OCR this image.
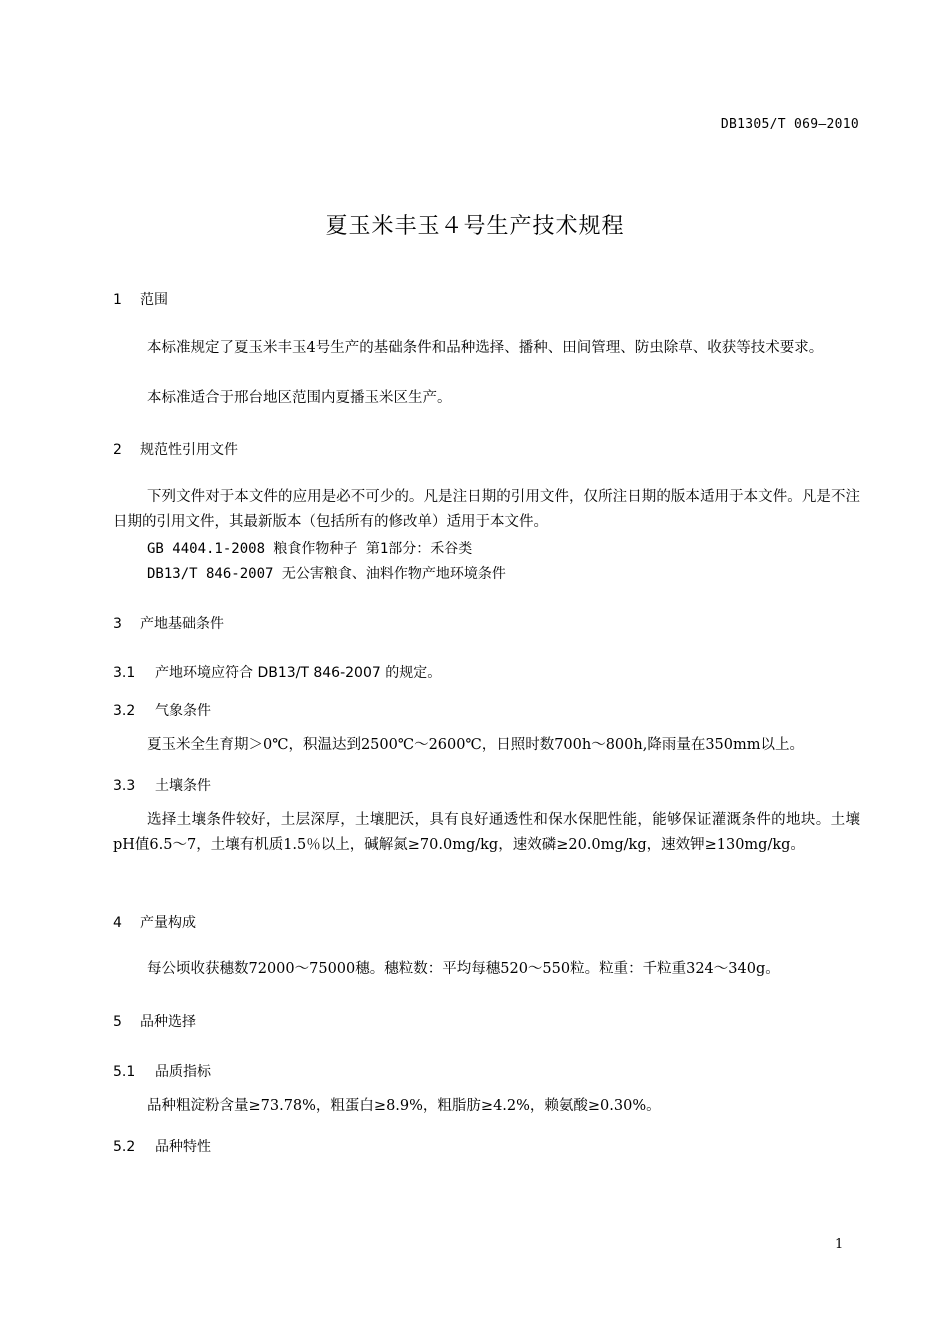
DB1305/T 069—2010
夏玉米丰玉４号生产技术规程
1 范围
本标准规定了夏玉米丰玉4号生产的基础条件和品种选择、播种、田间管理、防虫除草、收获等技术要求。
本标准适合于邢台地区范围内夏播玉米区生产。
2 规范性引用文件
下列文件对于本文件的应用是必不可少的。凡是注日期的引用文件，仅所注日期的版本适用于本文件。凡是不注日期的引用文件，其最新版本（包括所有的修改单）适用于本文件。
GB 4404.1-2008 粮食作物种子 第1部分：禾谷类
DB13/T 846-2007 无公害粮食、油料作物产地环境条件
3 产地基础条件
3.1 产地环境应符合 DB13/T 846-2007 的规定。
3.2 气象条件
夏玉米全生育期＞0℃，积温达到2500℃～2600℃，日照时数700h～800h,降雨量在350mm以上。
3.3 土壤条件
选择土壤条件较好，土层深厚，土壤肥沃，具有良好通透性和保水保肥性能，能够保证灌溉条件的地块。土壤pH值6.5～7，土壤有机质1.5％以上，碱解氮≥70.0mg/kg，速效磷≥20.0mg/kg，速效钾≥130mg/kg。
4 产量构成
每公顷收获穗数72000～75000穗。穗粒数：平均每穗520～550粒。粒重：千粒重324～340g。
5 品种选择
5.1 品质指标
品种粗淀粉含量≥73.78%，粗蛋白≥8.9%，粗脂肪≥4.2%，赖氨酸≥0.30%。
5.2 品种特性
1
